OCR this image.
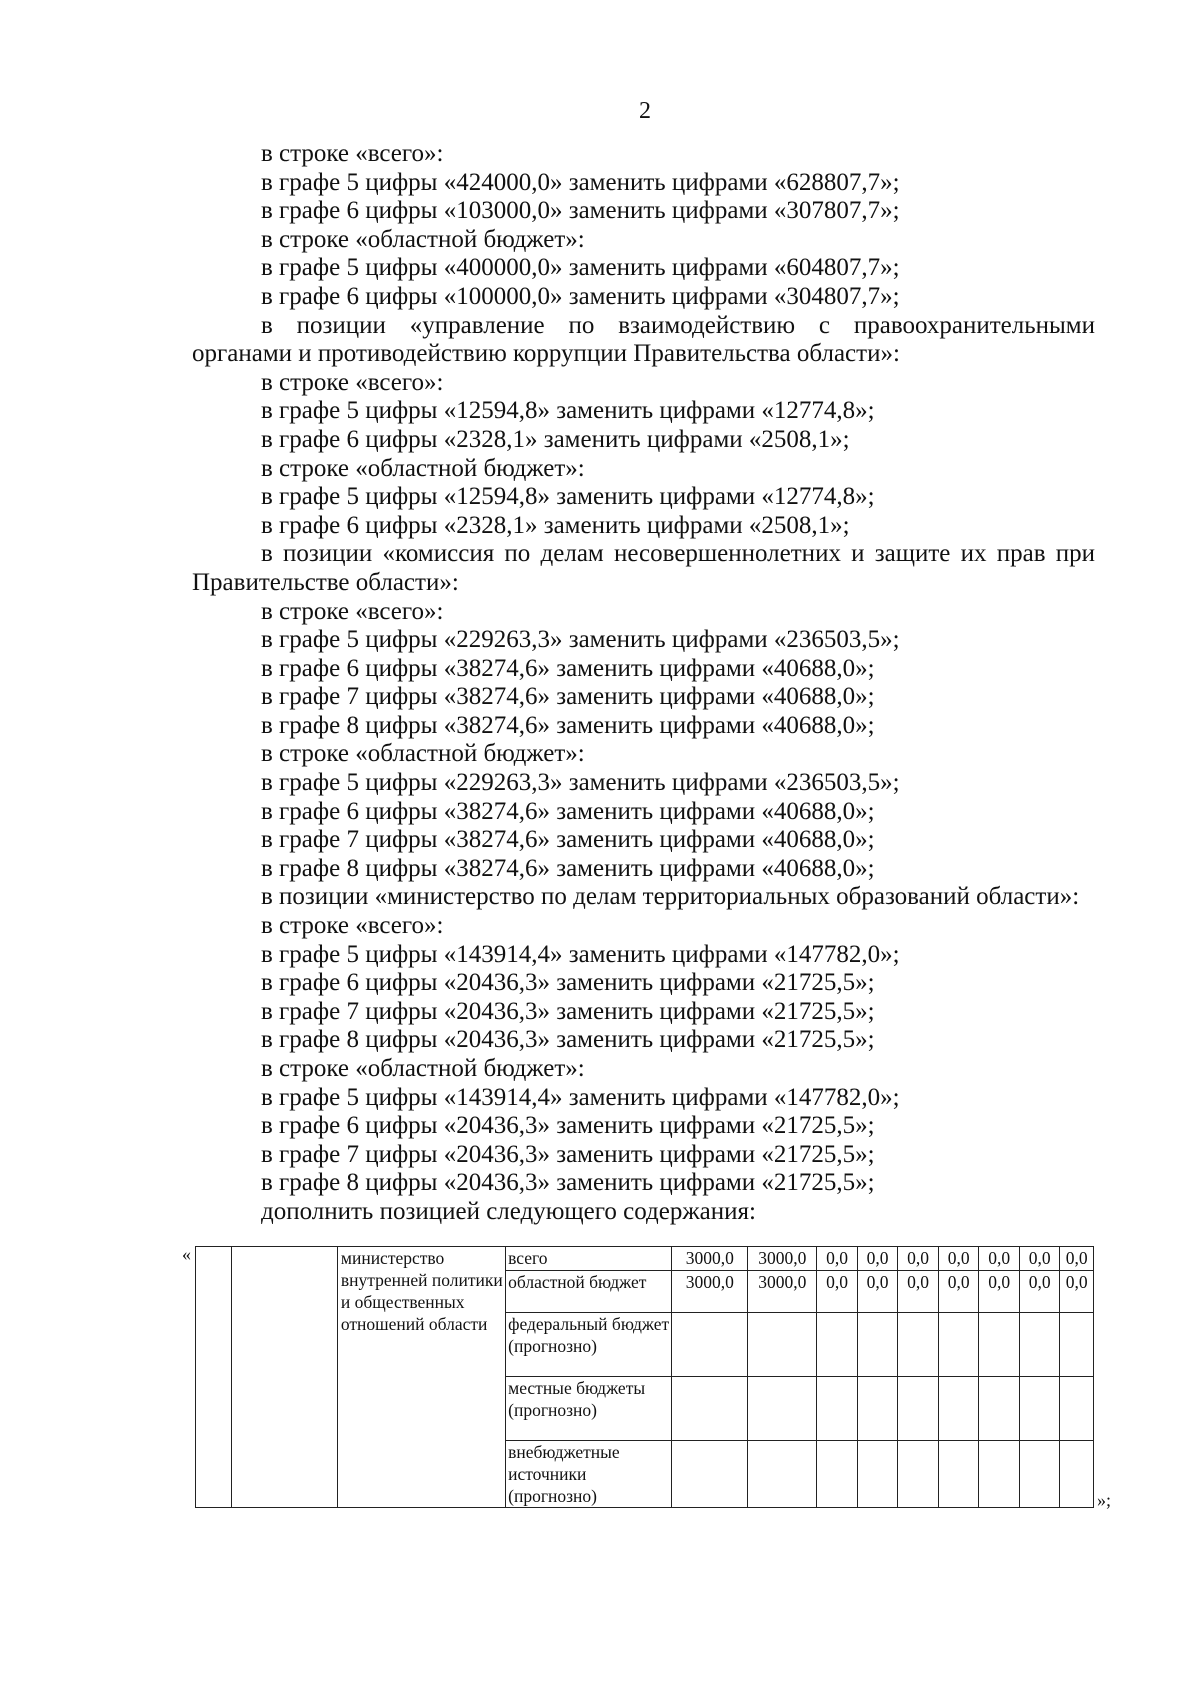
2
в строке «всего»:
в графе 5 цифры «424000,0» заменить цифрами «628807,7»;
в графе 6 цифры «103000,0» заменить цифрами «307807,7»;
в строке «областной бюджет»:
в графе 5 цифры «400000,0» заменить цифрами «604807,7»;
в графе 6 цифры «100000,0» заменить цифрами «304807,7»;
в позиции «управление по взаимодействию с правоохранительными органами и противодействию коррупции Правительства области»:
в строке «всего»:
в графе 5 цифры «12594,8» заменить цифрами «12774,8»;
в графе 6 цифры «2328,1» заменить цифрами «2508,1»;
в строке «областной бюджет»:
в графе 5 цифры «12594,8» заменить цифрами «12774,8»;
в графе 6 цифры «2328,1» заменить цифрами «2508,1»;
в позиции «комиссия по делам несовершеннолетних и защите их прав при Правительстве области»:
в строке «всего»:
в графе 5 цифры «229263,3» заменить цифрами «236503,5»;
в графе 6 цифры «38274,6» заменить цифрами «40688,0»;
в графе 7 цифры «38274,6» заменить цифрами «40688,0»;
в графе 8 цифры «38274,6» заменить цифрами «40688,0»;
в строке «областной бюджет»:
в графе 5 цифры «229263,3» заменить цифрами «236503,5»;
в графе 6 цифры «38274,6» заменить цифрами «40688,0»;
в графе 7 цифры «38274,6» заменить цифрами «40688,0»;
в графе 8 цифры «38274,6» заменить цифрами «40688,0»;
в позиции «министерство по делам территориальных образований области»:
в строке «всего»:
в графе 5 цифры «143914,4» заменить цифрами «147782,0»;
в графе 6 цифры «20436,3» заменить цифрами «21725,5»;
в графе 7 цифры «20436,3» заменить цифрами «21725,5»;
в графе 8 цифры «20436,3» заменить цифрами «21725,5»;
в строке «областной бюджет»:
в графе 5 цифры «143914,4» заменить цифрами «147782,0»;
в графе 6 цифры «20436,3» заменить цифрами «21725,5»;
в графе 7 цифры «20436,3» заменить цифрами «21725,5»;
в графе 8 цифры «20436,3» заменить цифрами «21725,5»;
дополнить позицией следующего содержания:
«
			министерство внутренней политики и общественных отношений области	всего	3000,0	3000,0	0,0	0,0	0,0	0,0	0,0	0,0	0,0
			областной бюджет	3000,0	3000,0	0,0	0,0	0,0	0,0	0,0	0,0	0,0
			федеральный бюджет (прогнозно)									
			местные бюджеты (прогнозно)									
			внебюджетные источники (прогнозно)										»;
